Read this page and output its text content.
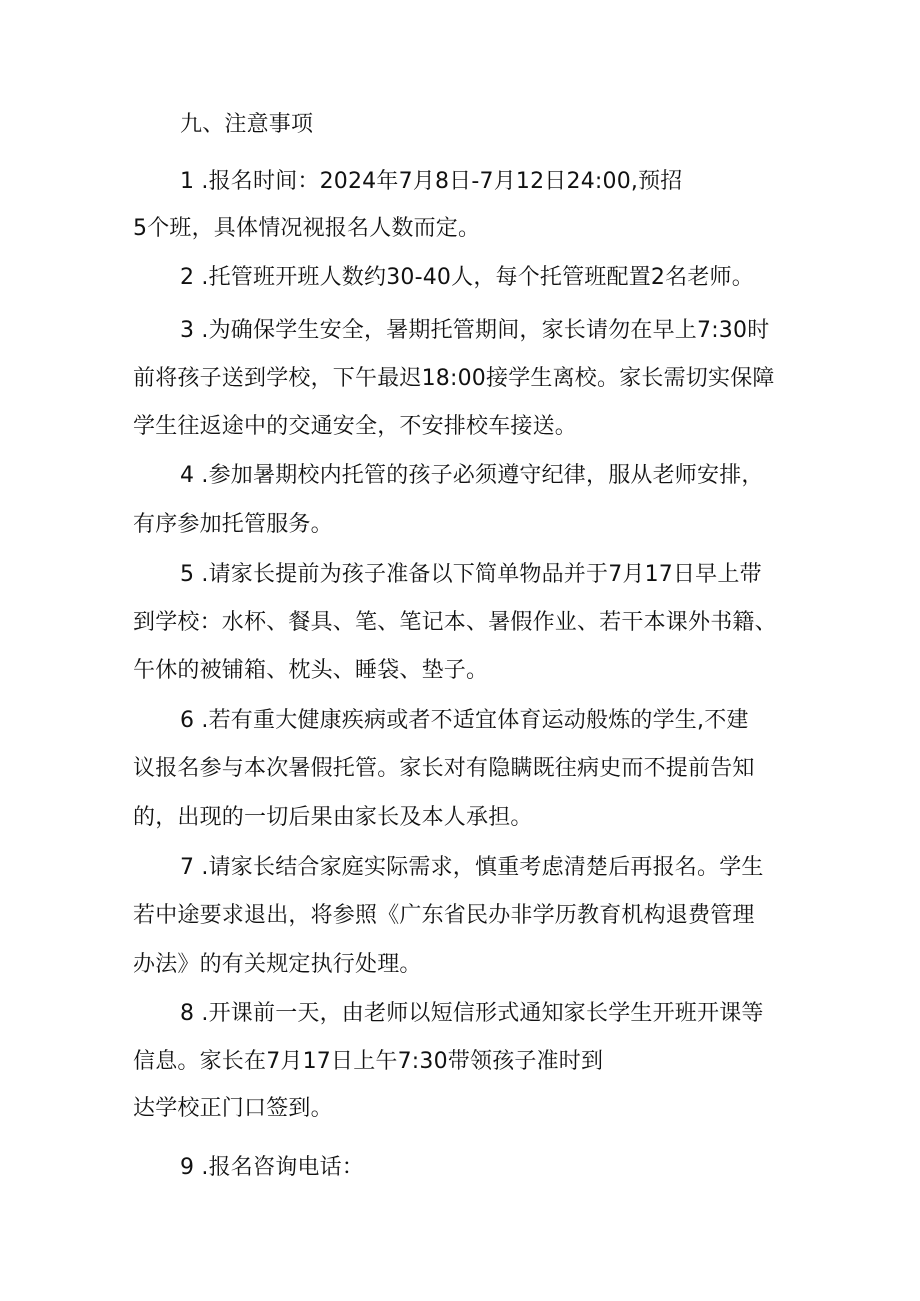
九、注意事项
1 .报名时间：2024年7月8日-7月12日24:00,预招
5个班，具体情况视报名人数而定。
2 .托管班开班人数约30-40人，每个托管班配置2名老师。
3 .为确保学生安全，暑期托管期间，家长请勿在早上7:30时
前将孩子送到学校，下午最迟18:00接学生离校。家长需切实保障
学生往返途中的交通安全，不安排校车接送。
4 .参加暑期校内托管的孩子必须遵守纪律，服从老师安排，
有序参加托管服务。
5 .请家长提前为孩子准备以下简单物品并于7月17日早上带
到学校：水杯、餐具、笔、笔记本、暑假作业、若干本课外书籍、
午休的被铺箱、枕头、睡袋、垫子。
6 .若有重大健康疾病或者不适宜体育运动般炼的学生,不建
议报名参与本次暑假托管。家长对有隐瞒既往病史而不提前告知
的，出现的一切后果由家长及本人承担。
7 .请家长结合家庭实际需求，慎重考虑清楚后再报名。学生
若中途要求退出，将参照《广东省民办非学历教育机构退费管理
办法》的有关规定执行处理。
8 .开课前一天，由老师以短信形式通知家长学生开班开课等
信息。家长在7月17日上午7:30带领孩子准时到
达学校正门口签到。
9 .报名咨询电话：
